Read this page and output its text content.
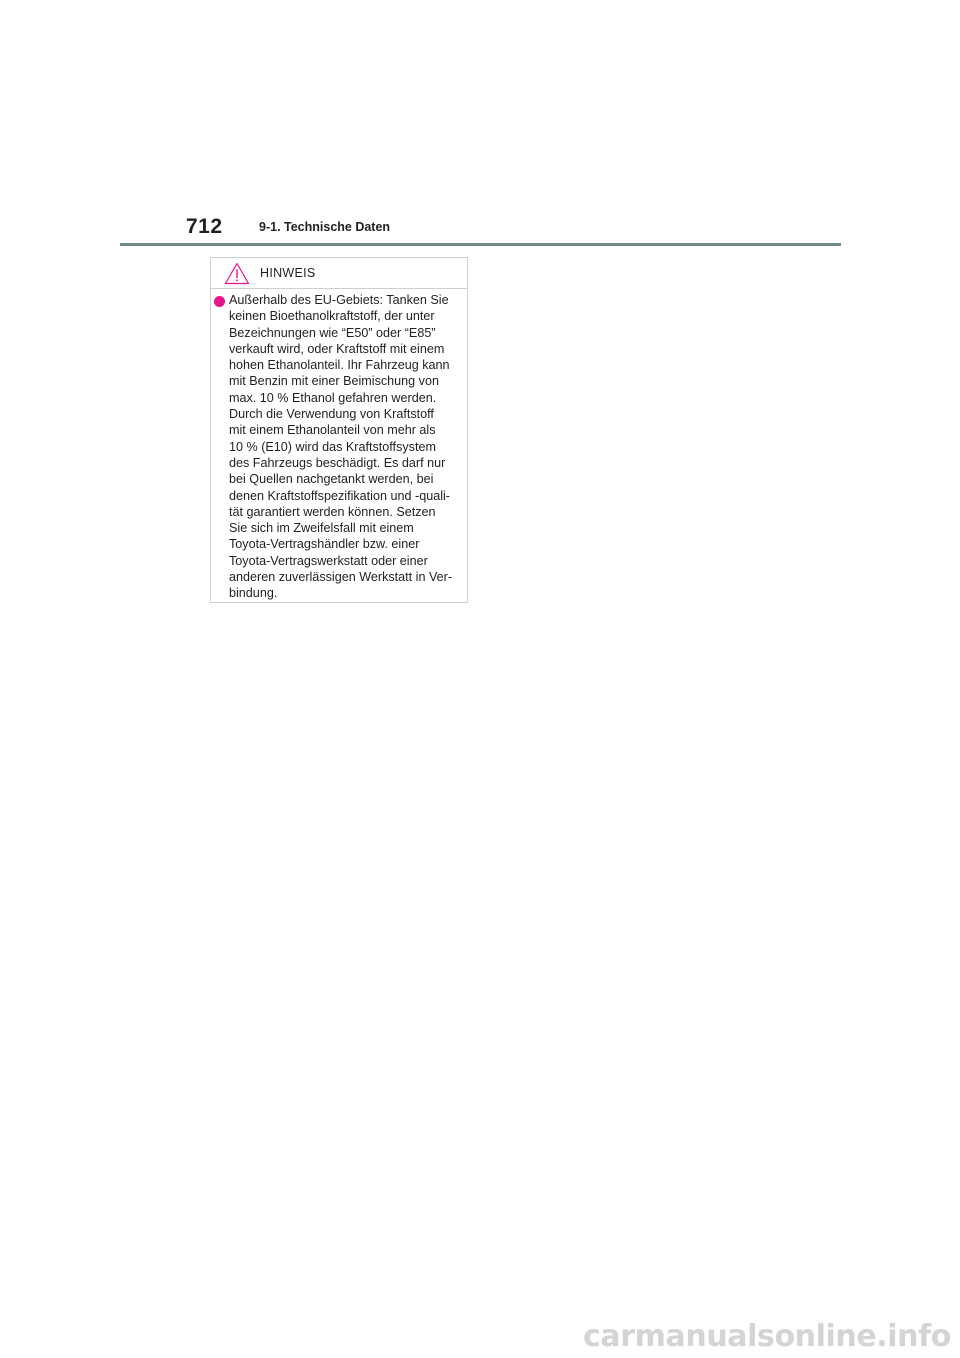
712	9-1. Technische Daten
HINWEIS
Außerhalb des EU-Gebiets: Tanken Sie
keinen Bioethanolkraftstoff, der unter
Bezeichnungen wie “E50” oder “E85”
verkauft wird, oder Kraftstoff mit einem
hohen Ethanolanteil. Ihr Fahrzeug kann
mit Benzin mit einer Beimischung von
max. 10 % Ethanol gefahren werden.
Durch die Verwendung von Kraftstoff
mit einem Ethanolanteil von mehr als
10 % (E10) wird das Kraftstoffsystem
des Fahrzeugs beschädigt. Es darf nur
bei Quellen nachgetankt werden, bei
denen Kraftstoffspezifikation und -quali-
tät garantiert werden können. Setzen
Sie sich im Zweifelsfall mit einem
Toyota-Vertragshändler bzw. einer
Toyota-Vertragswerkstatt oder einer
anderen zuverlässigen Werkstatt in Ver-
bindung.
carmanualsonline.info
